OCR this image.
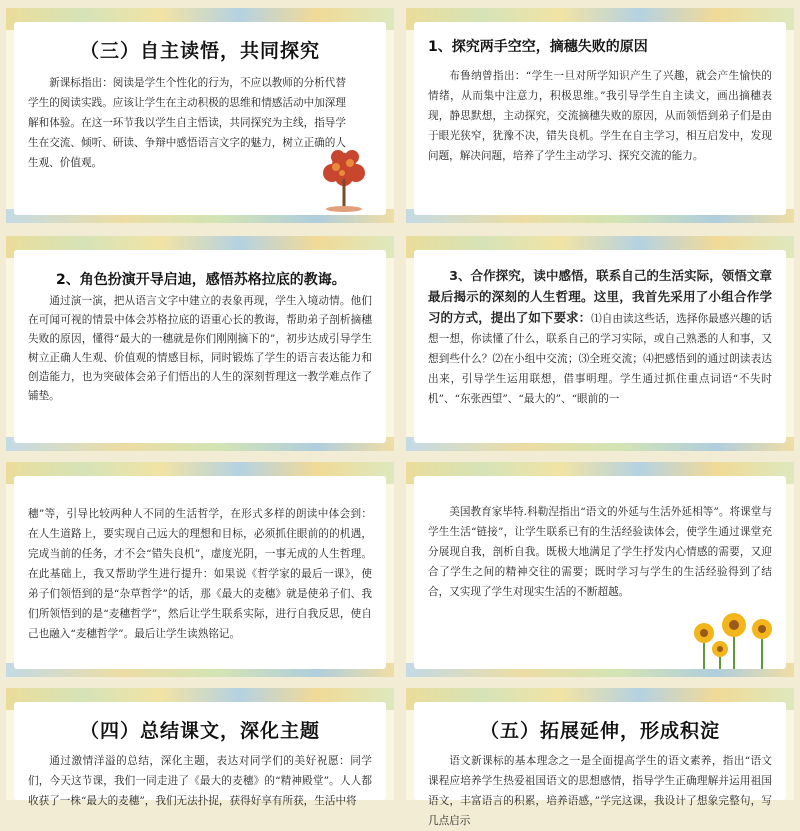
（三）自主读悟，共同探究

新课标指出：阅读是学生个性化的行为，不应以教师的分析代替学生的阅读实践。应该让学生在主动积极的思维和情感活动中加深理解和体验。在这一环节我以学生自主悟读，共同探究为主线，指导学生在交流、倾听、研读、争辩中感悟语言文字的魅力，树立正确的人生观、价值观。

1、探究两手空空，摘穗失败的原因

布鲁纳曾指出：“学生一旦对所学知识产生了兴趣，就会产生愉快的情绪，从而集中注意力，积极思维。”我引导学生自主读文，画出摘穗表现，静思默想，主动探究，交流摘穗失败的原因，从而领悟到弟子们是由于眼光狭窄，犹豫不决，错失良机。学生在自主学习，相互启发中，发现问题，解决问题，培养了学生主动学习、探究交流的能力。

2、角色扮演开导启迪，感悟苏格拉底的教诲。

通过演一演，把从语言文字中建立的表象再现，学生入境动情。他们在可闻可视的情景中体会苏格拉底的语重心长的教诲，帮助弟子剖析摘穗失败的原因，懂得“最大的一穗就是你们刚刚摘下的”，初步达成引导学生树立正确人生观、价值观的情感目标，同时锻炼了学生的语言表达能力和创造能力，也为突破体会弟子们悟出的人生的深刻哲理这一教学难点作了铺垫。

3、合作探究，读中感悟，联系自己的生活实际，领悟文章最后揭示的深刻的人生哲理。这里，我首先采用了小组合作学习的方式，提出了如下要求：⑴自由读这些话，选择你最感兴趣的话想一想，你读懂了什么，联系自己的学习实际，或自己熟悉的人和事，又想到些什么？⑵在小组中交流；⑶全班交流；⑷把感悟到的通过朗读表达出来，引导学生运用联想，借事明理。学生通过抓住重点词语“不失时机”、“东张西望”、“最大的”、“眼前的一

穗”等，引导比较两种人不同的生活哲学，在形式多样的朗读中体会到：在人生道路上，要实现自己远大的理想和目标，必须抓住眼前的的机遇，完成当前的任务，才不会“错失良机”，虚度光阴，一事无成的人生哲理。在此基础上，我又帮助学生进行提升：如果说《哲学家的最后一课》，使弟子们领悟到的是“杂草哲学”的话，那《最大的麦穗》就是使弟子们、我们所领悟到的是“麦穗哲学”，然后让学生联系实际，进行自我反思，使自己也融入“麦穗哲学”。最后让学生读熟铭记。

美国教育家毕特.科勒涅指出“语文的外延与生活外延相等”。将课堂与学生生活“链接”，让学生联系已有的生活经验读体会，使学生通过课堂充分展现自我，剖析自我。既极大地满足了学生抒发内心情感的需要，又迎合了学生之间的精神交往的需要；既时学习与学生的生活经验得到了结合，又实现了学生对现实生活的不断超越。

（四）总结课文，深化主题

通过激情洋溢的总结，深化主题，表达对同学们的美好祝愿：同学们，今天这节课，我们一同走进了《最大的麦穗》的“精神殿堂”。人人都收获了一株“最大的麦穗”，我们无法扑捉，获得好享有所获，生活中将

（五）拓展延伸，形成积淀

语文新课标的基本理念之一是全面提高学生的语文素养，指出“语文课程应培养学生热爱祖国语文的思想感情，指导学生正确理解并运用祖国语文，丰富语言的积累，培养语感，”学完这课，我设计了想象完整句，写几点启示
